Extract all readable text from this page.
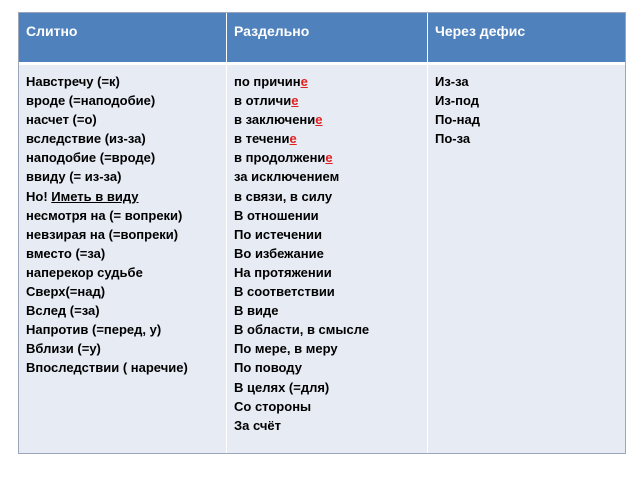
Слитно	Раздельно	Через дефис
Навстречу (=к)
вроде (=наподобие)
насчет (=о)
вследствие (из-за)
наподобие (=вроде)
ввиду (= из-за)
Но! Иметь в виду
несмотря на (= вопреки)
невзирая на (=вопреки)
вместо (=за)
наперекор судьбе
Сверх(=над)
Вслед (=за)
Напротив (=перед, у)
Вблизи (=у)
Впоследствии ( наречие)
по причине
в отличие
в заключение
в течение
в продолжение
за исключением
в связи, в силу
В отношении
По истечении
Во избежание
На протяжении
В соответствии
В виде
В области, в смысле
По мере, в меру
По поводу
В целях (=для)
Со стороны
За счёт
Из-за
Из-под
По-над
По-за
